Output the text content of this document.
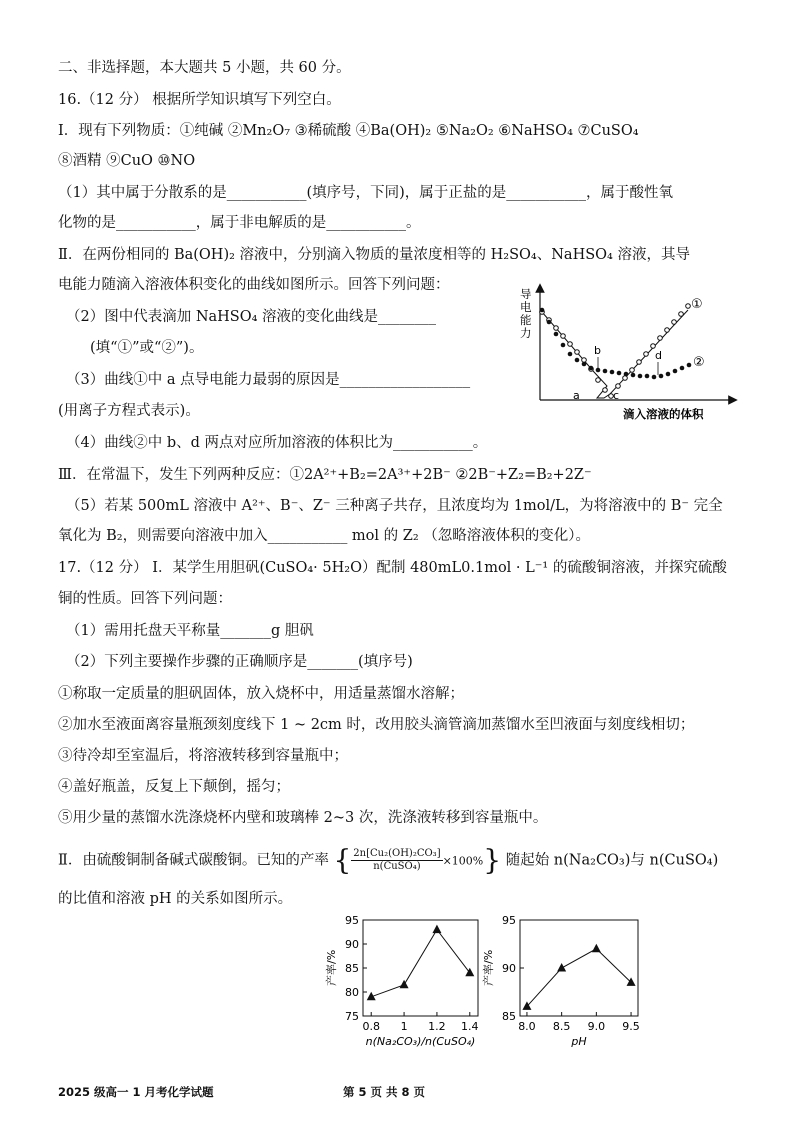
二、非选择题，本大题共 5 小题，共 60 分。
16.（12 分） 根据所学知识填写下列空白。
Ⅰ．现有下列物质：①纯碱 ②Mn₂O₇ ③稀硫酸 ④Ba(OH)₂ ⑤Na₂O₂ ⑥NaHSO₄ ⑦CuSO₄
⑧酒精 ⑨CuO ⑩NO
（1）其中属于分散系的是___________(填序号，下同)，属于正盐的是___________，属于酸性氧
化物的是___________，属于非电解质的是___________。
Ⅱ．在两份相同的 Ba(OH)₂ 溶液中，分别滴入物质的量浓度相等的 H₂SO₄、NaHSO₄ 溶液，其导
电能力随滴入溶液体积变化的曲线如图所示。回答下列问题：
（2）图中代表滴加 NaHSO₄ 溶液的变化曲线是________
(填“①”或“②”)。
（3）曲线①中 a 点导电能力最弱的原因是__________________
(用离子方程式表示)。
（4）曲线②中 b、d 两点对应所加溶液的体积比为___________。
Ⅲ．在常温下，发生下列两种反应：①2A²⁺+B₂=2A³⁺+2B⁻ ②2B⁻+Z₂=B₂+2Z⁻
（5）若某 500mL 溶液中 A²⁺、B⁻、Z⁻ 三种离子共存，且浓度均为 1mol/L，为将溶液中的 B⁻ 完全
氧化为 B₂，则需要向溶液中加入___________ mol 的 Z₂ （忽略溶液体积的变化）。
17.（12 分） Ⅰ．某学生用胆矾(CuSO₄· 5H₂O）配制 480mL0.1mol · L⁻¹ 的硫酸铜溶液，并探究硫酸
铜的性质。回答下列问题：
（1）需用托盘天平称量_______g 胆矾
（2）下列主要操作步骤的正确顺序是_______(填序号)
①称取一定质量的胆矾固体，放入烧杯中，用适量蒸馏水溶解；
②加水至液面离容量瓶颈刻度线下 1 ~ 2cm 时，改用胶头滴管滴加蒸馏水至凹液面与刻度线相切；
③待冷却至室温后，将溶液转移到容量瓶中；
④盖好瓶盖，反复上下颠倒，摇匀；
⑤用少量的蒸馏水洗涤烧杯内壁和玻璃棒 2~3 次，洗涤液转移到容量瓶中。
Ⅱ．由硫酸铜制备碱式碳酸铜。已知的产率 { $\frac{\text{2n[Cu₂(OH)₂CO₃]}}{\text{n(CuSO₄)}} \times 100\%$} 随起始 n(Na₂CO₃)与 n(CuSO₄)
的比值和溶液 pH 的关系如图所示。
导电能力
滴入溶液的体积
①
②
a
b
c
d
75
80
85
90
95
0.8 1 1.2 1.4
产率/%
n(Na₂CO₃)/n(CuSO₄)
85
90
95
8.0 8.5 9.0 9.5
产率/%
pH
2025 级高一 1 月考化学试题	第 5 页 共 8 页
